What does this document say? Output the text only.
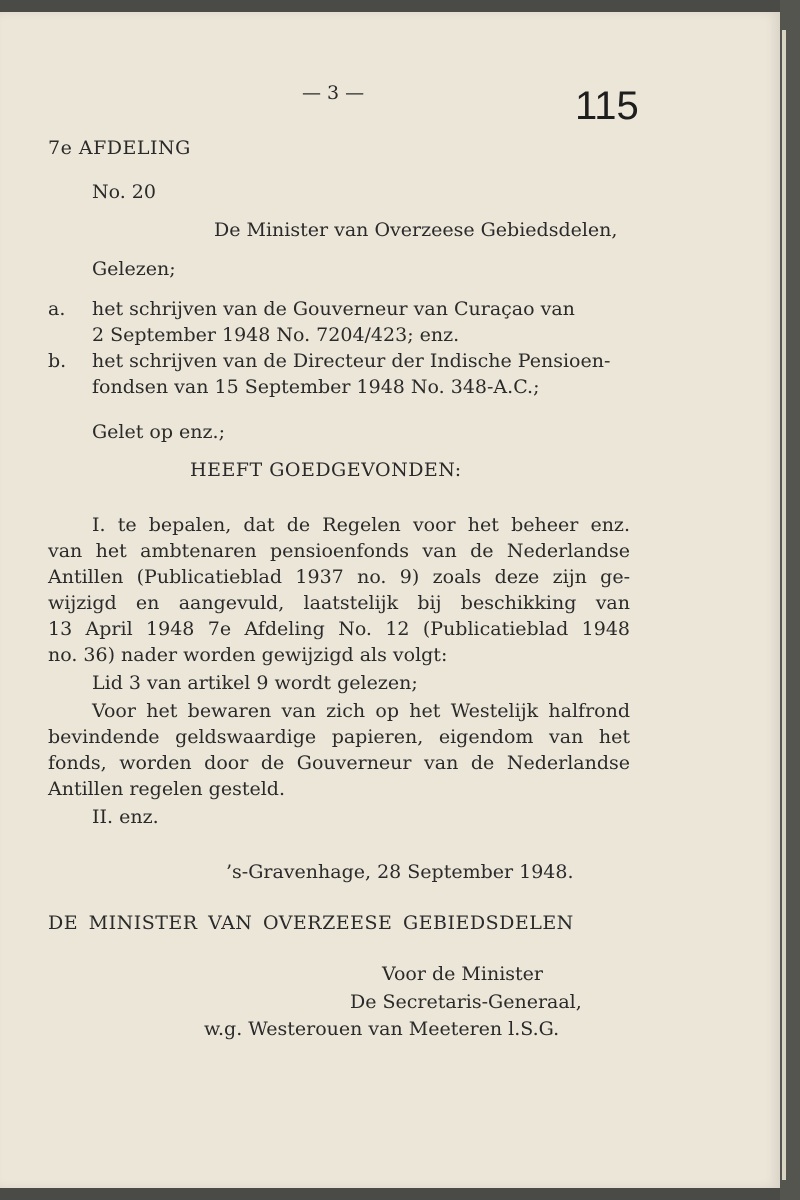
— 3 —	115
7e AFDELING
No. 20
De Minister van Overzeese Gebiedsdelen,
Gelezen;
a. het schrijven van de Gouverneur van Curaçao van
2 September 1948 No. 7204/423; enz.
b. het schrijven van de Directeur der Indische Pensioen-
fondsen van 15 September 1948 No. 348-A.C.;
Gelet op enz.;
HEEFT GOEDGEVONDEN:
I. te bepalen, dat de Regelen voor het beheer enz.
van het ambtenaren pensioenfonds van de Nederlandse
Antillen (Publicatieblad 1937 no. 9) zoals deze zijn ge-
wijzigd en aangevuld, laatstelijk bij beschikking van
13 April 1948 7e Afdeling No. 12 (Publicatieblad 1948
no. 36) nader worden gewijzigd als volgt:
Lid 3 van artikel 9 wordt gelezen;
Voor het bewaren van zich op het Westelijk halfrond
bevindende geldswaardige papieren, eigendom van het
fonds, worden door de Gouverneur van de Nederlandse
Antillen regelen gesteld.
II. enz.
’s-Gravenhage, 28 September 1948.
DE MINISTER VAN OVERZEESE GEBIEDSDELEN
Voor de Minister
De Secretaris-Generaal,
w.g. Westerouen van Meeteren l.S.G.
